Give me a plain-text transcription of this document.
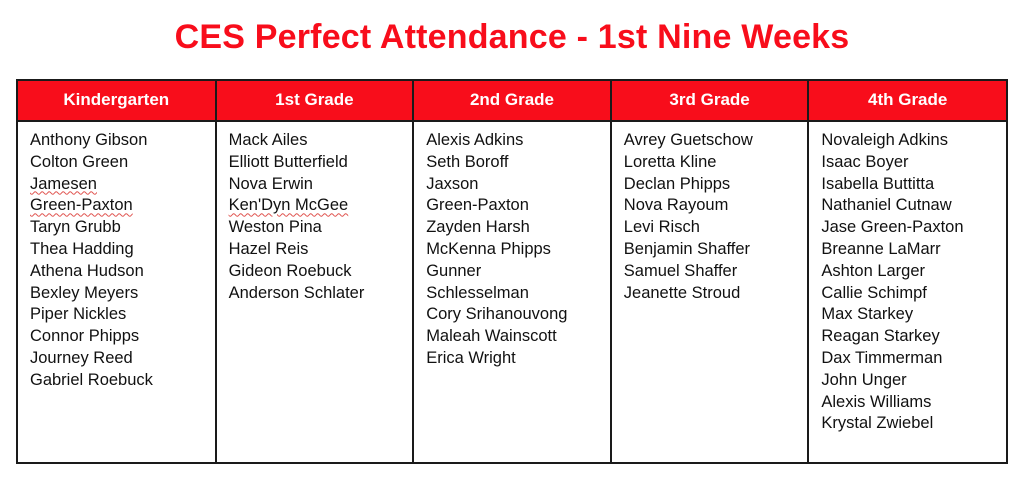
CES Perfect Attendance - 1st Nine Weeks
Kindergarten	1st Grade	2nd Grade	3rd Grade	4th Grade

Anthony Gibson
Colton Green
Jamesen
Green-Paxton
Taryn Grubb
Thea Hadding
Athena Hudson
Bexley Meyers
Piper Nickles
Connor Phipps
Journey Reed
Gabriel Roebuck

Mack Ailes
Elliott Butterfield
Nova Erwin
Ken'Dyn McGee
Weston Pina
Hazel Reis
Gideon Roebuck
Anderson Schlater

Alexis Adkins
Seth Boroff
Jaxson
Green-Paxton
Zayden Harsh
McKenna Phipps
Gunner
Schlesselman
Cory Srihanouvong
Maleah Wainscott
Erica Wright

Avrey Guetschow
Loretta Kline
Declan Phipps
Nova Rayoum
Levi Risch
Benjamin Shaffer
Samuel Shaffer
Jeanette Stroud

Novaleigh Adkins
Isaac Boyer
Isabella Buttitta
Nathaniel Cutnaw
Jase Green-Paxton
Breanne LaMarr
Ashton Larger
Callie Schimpf
Max Starkey
Reagan Starkey
Dax Timmerman
John Unger
Alexis Williams
Krystal Zwiebel
